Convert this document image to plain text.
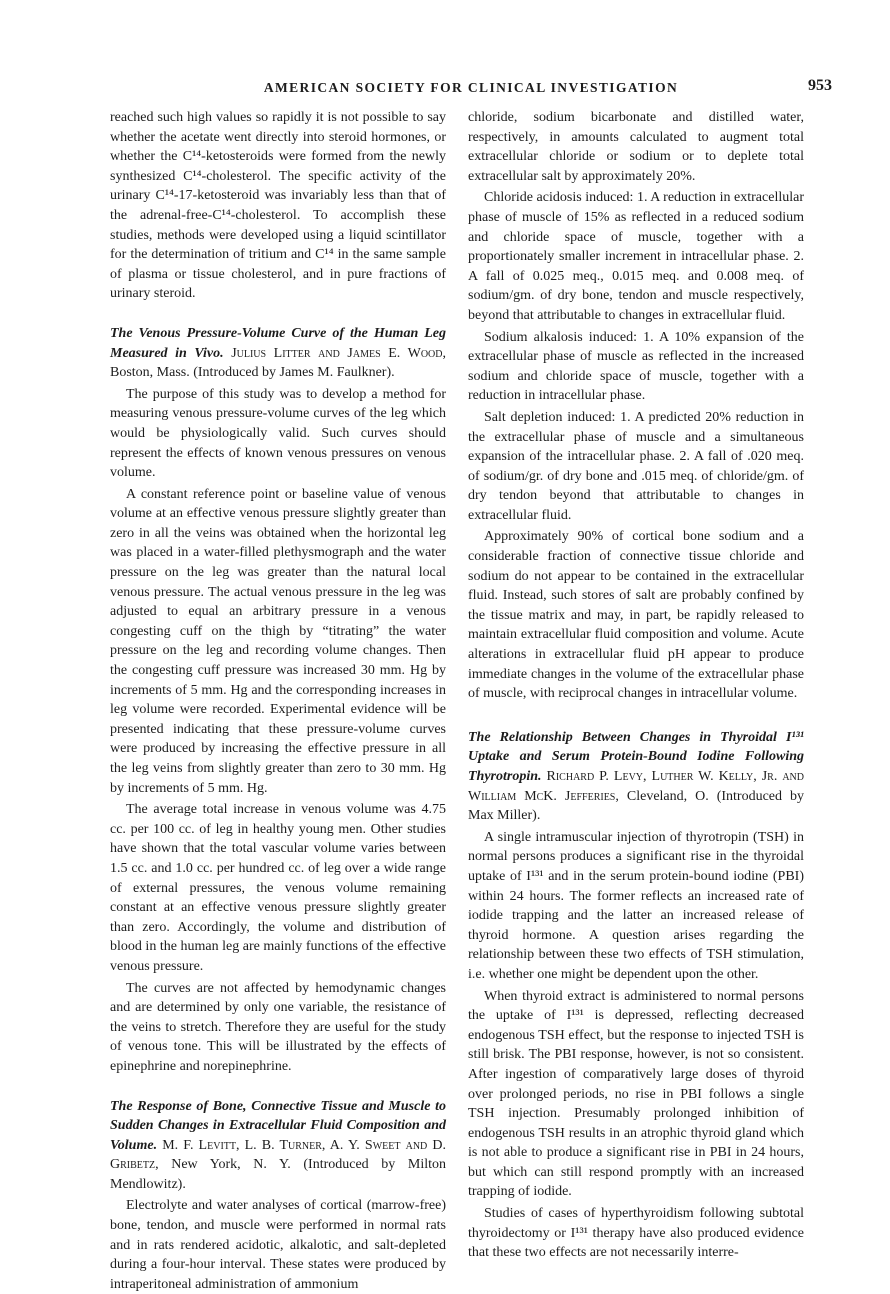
AMERICAN SOCIETY FOR CLINICAL INVESTIGATION	953

reached such high values so rapidly it is not possible to say whether the acetate went directly into steroid hormones, or whether the C¹⁴-ketosteroids were formed from the newly synthesized C¹⁴-cholesterol. The specific activity of the urinary C¹⁴-17-ketosteroid was invariably less than that of the adrenal-free-C¹⁴-cholesterol. To accomplish these studies, methods were developed using a liquid scintillator for the determination of tritium and C¹⁴ in the same sample of plasma or tissue cholesterol, and in pure fractions of urinary steroid.

The Venous Pressure-Volume Curve of the Human Leg Measured in Vivo. Julius Litter and James E. Wood, Boston, Mass. (Introduced by James M. Faulkner).

The purpose of this study was to develop a method for measuring venous pressure-volume curves of the leg which would be physiologically valid. Such curves should represent the effects of known venous pressures on venous volume.

A constant reference point or baseline value of venous volume at an effective venous pressure slightly greater than zero in all the veins was obtained when the horizontal leg was placed in a water-filled plethysmograph and the water pressure on the leg was greater than the natural local venous pressure. The actual venous pressure in the leg was adjusted to equal an arbitrary pressure in a venous congesting cuff on the thigh by “titrating” the water pressure on the leg and recording volume changes. Then the congesting cuff pressure was increased 30 mm. Hg by increments of 5 mm. Hg and the corresponding increases in leg volume were recorded. Experimental evidence will be presented indicating that these pressure-volume curves were produced by increasing the effective pressure in all the leg veins from slightly greater than zero to 30 mm. Hg by increments of 5 mm. Hg.

The average total increase in venous volume was 4.75 cc. per 100 cc. of leg in healthy young men. Other studies have shown that the total vascular volume varies between 1.5 cc. and 1.0 cc. per hundred cc. of leg over a wide range of external pressures, the venous volume remaining constant at an effective venous pressure slightly greater than zero. Accordingly, the volume and distribution of blood in the human leg are mainly functions of the effective venous pressure.

The curves are not affected by hemodynamic changes and are determined by only one variable, the resistance of the veins to stretch. Therefore they are useful for the study of venous tone. This will be illustrated by the effects of epinephrine and norepinephrine.

The Response of Bone, Connective Tissue and Muscle to Sudden Changes in Extracellular Fluid Composition and Volume. M. F. Levitt, L. B. Turner, A. Y. Sweet and D. Gribetz, New York, N. Y. (Introduced by Milton Mendlowitz).

Electrolyte and water analyses of cortical (marrow-free) bone, tendon, and muscle were performed in normal rats and in rats rendered acidotic, alkalotic, and salt-depleted during a four-hour interval. These states were produced by intraperitoneal administration of ammonium

chloride, sodium bicarbonate and distilled water, respectively, in amounts calculated to augment total extracellular chloride or sodium or to deplete total extracellular salt by approximately 20%.

Chloride acidosis induced: 1. A reduction in extracellular phase of muscle of 15% as reflected in a reduced sodium and chloride space of muscle, together with a proportionately smaller increment in intracellular phase. 2. A fall of 0.025 meq., 0.015 meq. and 0.008 meq. of sodium/gm. of dry bone, tendon and muscle respectively, beyond that attributable to changes in extracellular fluid.

Sodium alkalosis induced: 1. A 10% expansion of the extracellular phase of muscle as reflected in the increased sodium and chloride space of muscle, together with a reduction in intracellular phase.

Salt depletion induced: 1. A predicted 20% reduction in the extracellular phase of muscle and a simultaneous expansion of the intracellular phase. 2. A fall of .020 meq. of sodium/gr. of dry bone and .015 meq. of chloride/gm. of dry tendon beyond that attributable to changes in extracellular fluid.

Approximately 90% of cortical bone sodium and a considerable fraction of connective tissue chloride and sodium do not appear to be contained in the extracellular fluid. Instead, such stores of salt are probably confined by the tissue matrix and may, in part, be rapidly released to maintain extracellular fluid composition and volume. Acute alterations in extracellular fluid pH appear to produce immediate changes in the volume of the extracellular phase of muscle, with reciprocal changes in intracellular volume.

The Relationship Between Changes in Thyroidal I¹³¹ Uptake and Serum Protein-Bound Iodine Following Thyrotropin. Richard P. Levy, Luther W. Kelly, Jr. and William McK. Jefferies, Cleveland, O. (Introduced by Max Miller).

A single intramuscular injection of thyrotropin (TSH) in normal persons produces a significant rise in the thyroidal uptake of I¹³¹ and in the serum protein-bound iodine (PBI) within 24 hours. The former reflects an increased rate of iodide trapping and the latter an increased release of thyroid hormone. A question arises regarding the relationship between these two effects of TSH stimulation, i.e. whether one might be dependent upon the other.

When thyroid extract is administered to normal persons the uptake of I¹³¹ is depressed, reflecting decreased endogenous TSH effect, but the response to injected TSH is still brisk. The PBI response, however, is not so consistent. After ingestion of comparatively large doses of thyroid over prolonged periods, no rise in PBI follows a single TSH injection. Presumably prolonged inhibition of endogenous TSH results in an atrophic thyroid gland which is not able to produce a significant rise in PBI in 24 hours, but which can still respond promptly with an increased trapping of iodide.

Studies of cases of hyperthyroidism following subtotal thyroidectomy or I¹³¹ therapy have also produced evidence that these two effects are not necessarily interre-
